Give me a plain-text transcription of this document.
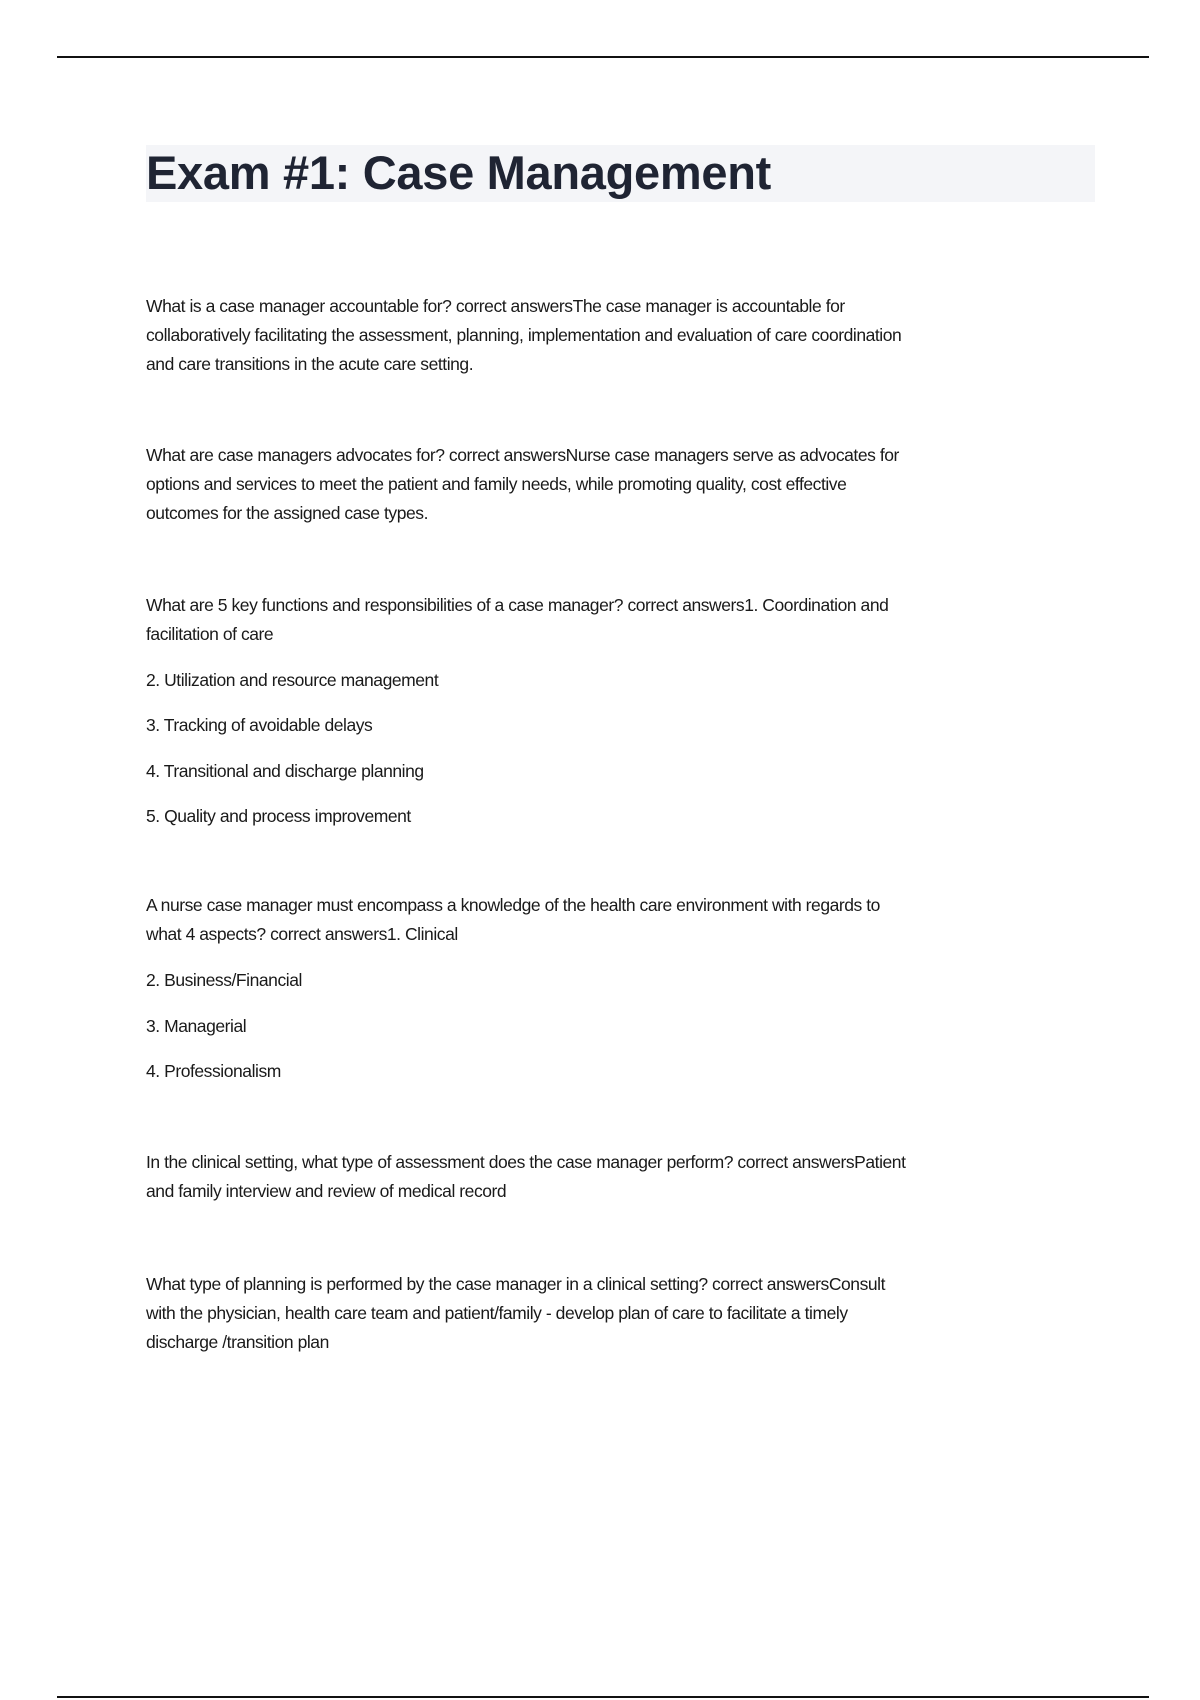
Exam #1: Case Management
What is a case manager accountable for? correct answersThe case manager is accountable for
collaboratively facilitating the assessment, planning, implementation and evaluation of care coordination
and care transitions in the acute care setting.
What are case managers advocates for? correct answersNurse case managers serve as advocates for
options and services to meet the patient and family needs, while promoting quality, cost effective
outcomes for the assigned case types.
What are 5 key functions and responsibilities of a case manager? correct answers1. Coordination and
facilitation of care
2. Utilization and resource management
3. Tracking of avoidable delays
4. Transitional and discharge planning
5. Quality and process improvement
A nurse case manager must encompass a knowledge of the health care environment with regards to
what 4 aspects? correct answers1. Clinical
2. Business/Financial
3. Managerial
4. Professionalism
In the clinical setting, what type of assessment does the case manager perform? correct answersPatient
and family interview and review of medical record
What type of planning is performed by the case manager in a clinical setting? correct answersConsult
with the physician, health care team and patient/family - develop plan of care to facilitate a timely
discharge /transition plan
